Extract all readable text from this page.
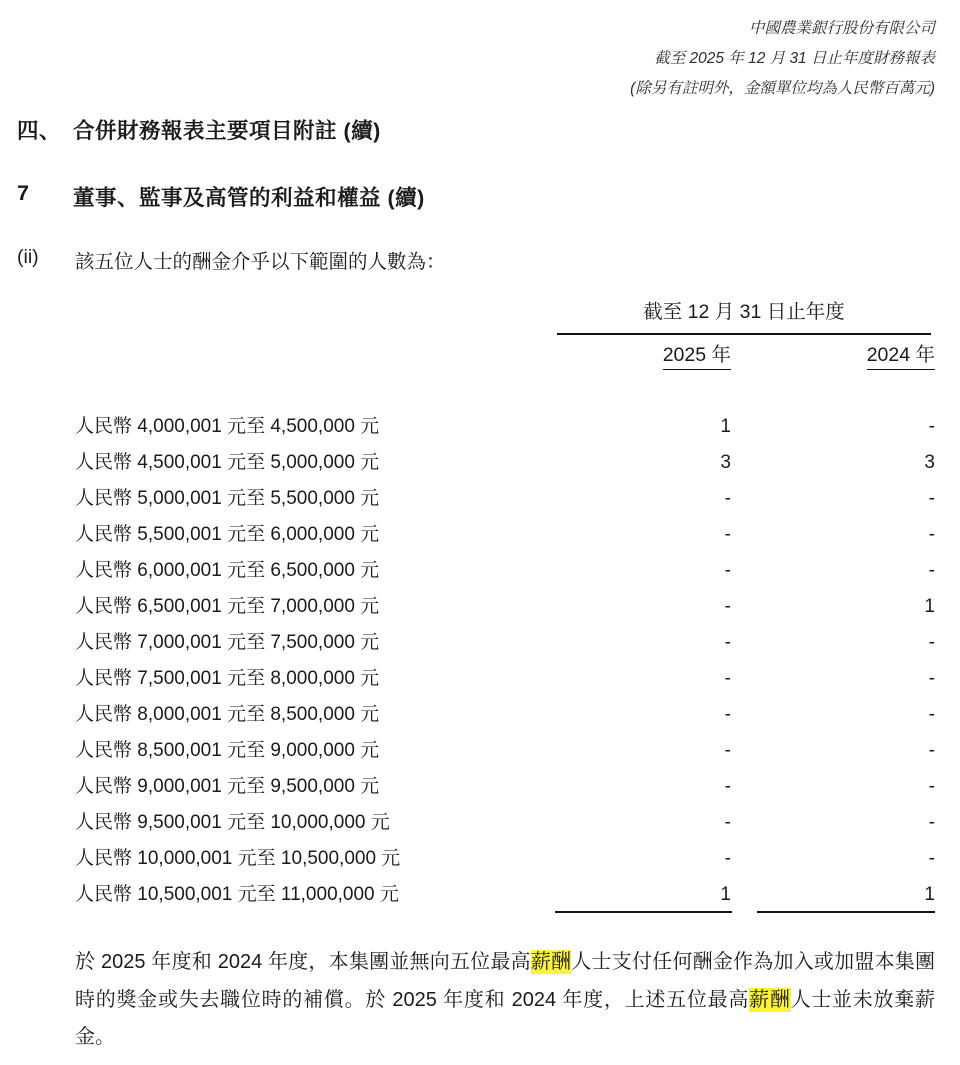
中國農業銀行股份有限公司
截至 2025 年 12 月 31 日止年度財務報表
(除另有註明外，金額單位均為人民幣百萬元)
四、 合併財務報表主要項目附註 (續)
7	董事、監事及高管的利益和權益 (續)
(ii)	該五位人士的酬金介乎以下範圍的人數為：
截至 12 月 31 日止年度
2025 年	2024 年
人民幣 4,000,001 元至 4,500,000 元	1	-
人民幣 4,500,001 元至 5,000,000 元	3	3
人民幣 5,000,001 元至 5,500,000 元	-	-
人民幣 5,500,001 元至 6,000,000 元	-	-
人民幣 6,000,001 元至 6,500,000 元	-	-
人民幣 6,500,001 元至 7,000,000 元	-	1
人民幣 7,000,001 元至 7,500,000 元	-	-
人民幣 7,500,001 元至 8,000,000 元	-	-
人民幣 8,000,001 元至 8,500,000 元	-	-
人民幣 8,500,001 元至 9,000,000 元	-	-
人民幣 9,000,001 元至 9,500,000 元	-	-
人民幣 9,500,001 元至 10,000,000 元	-	-
人民幣 10,000,001 元至 10,500,000 元	-	-
人民幣 10,500,001 元至 11,000,000 元	1	1
於 2025 年度和 2024 年度，本集團並無向五位最高薪酬人士支付任何酬金作為加入或加盟本集團時的獎金或失去職位時的補償。於 2025 年度和 2024 年度，上述五位最高薪酬人士並未放棄薪金。
